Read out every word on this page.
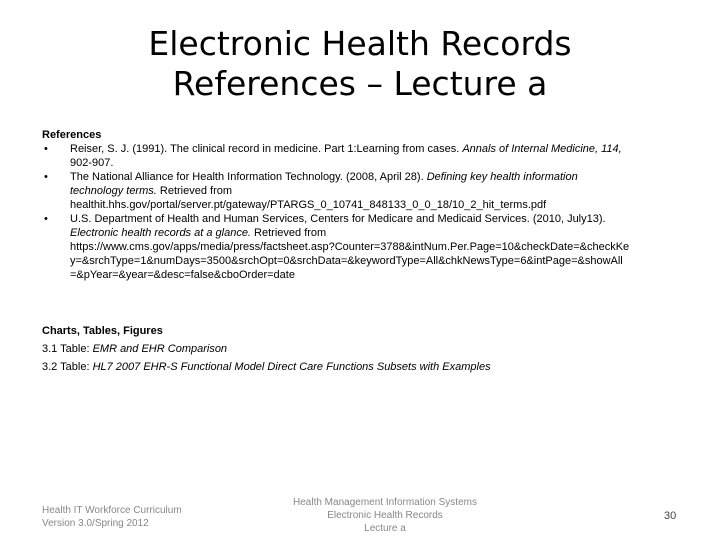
Electronic Health Records
References – Lecture a
References
• Reiser, S. J. (1991). The clinical record in medicine. Part 1:Learning from cases. Annals of Internal Medicine, 114,
902-907.
• The National Alliance for Health Information Technology. (2008, April 28). Defining key health information
technology terms. Retrieved from
healthit.hhs.gov/portal/server.pt/gateway/PTARGS_0_10741_848133_0_0_18/10_2_hit_terms.pdf
• U.S. Department of Health and Human Services, Centers for Medicare and Medicaid Services. (2010, July13).
Electronic health records at a glance. Retrieved from
https://www.cms.gov/apps/media/press/factsheet.asp?Counter=3788&intNum.Per.Page=10&checkDate=&checkKe
y=&srchType=1&numDays=3500&srchOpt=0&srchData=&keywordType=All&chkNewsType=6&intPage=&showAll
=&pYear=&year=&desc=false&cboOrder=date
Charts, Tables, Figures
3.1 Table: EMR and EHR Comparison
3.2 Table: HL7 2007 EHR-S Functional Model Direct Care Functions Subsets with Examples
Health IT Workforce Curriculum
Version 3.0/Spring 2012
Health Management Information Systems
Electronic Health Records
Lecture a
30
